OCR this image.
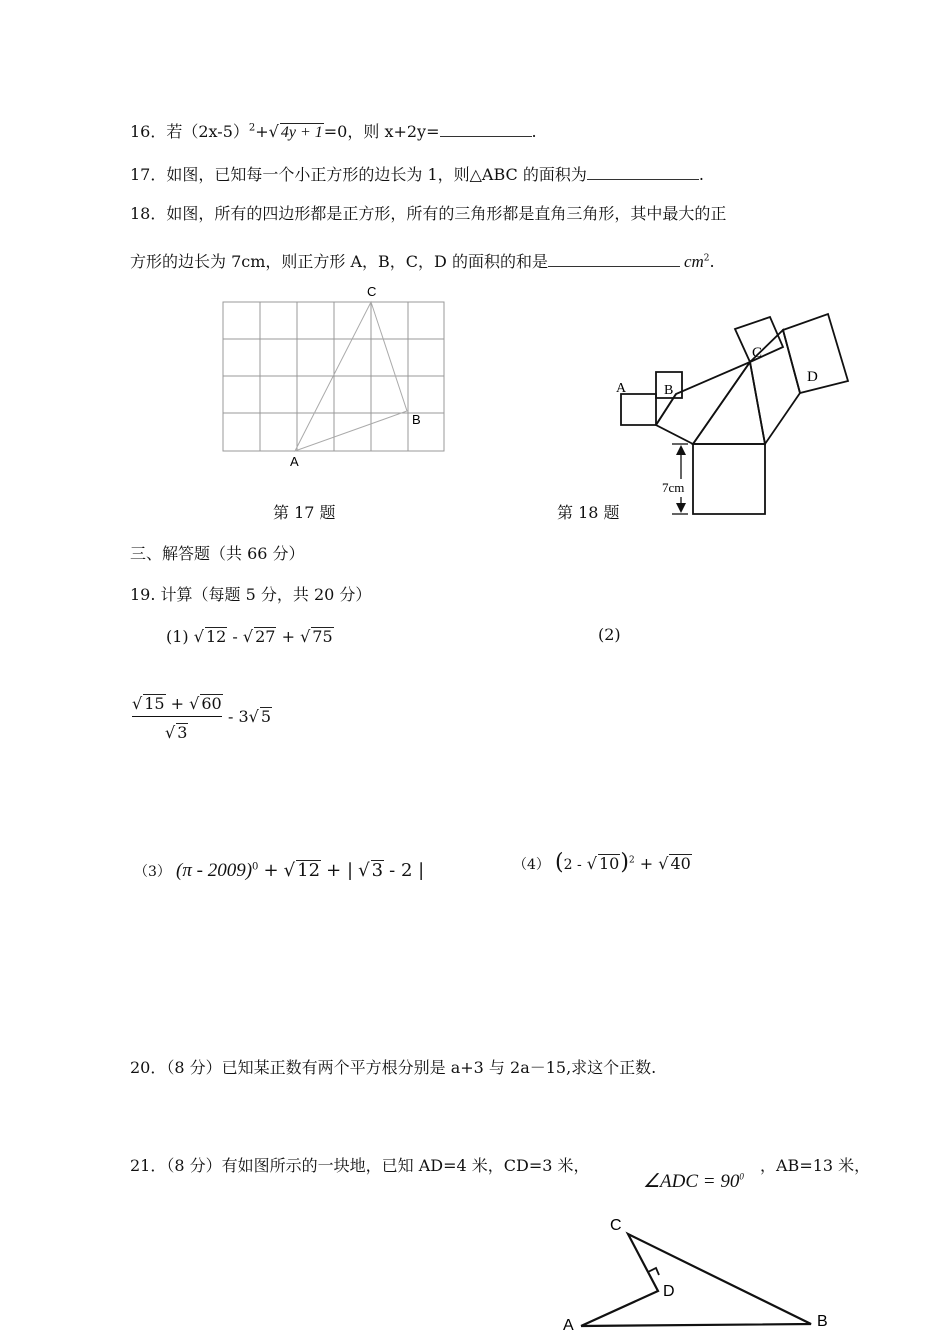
16．若$(2x-5)^2+√$ 4y + 1=0，则 x+2y=	.
17．如图，已知每一个小正方形的边长为 1，则△ABC 的面积为	.
18．如图，所有的四边形都是正方形，所有的三角形都是直角三角形，其中最大的正
方形的边长为 7cm，则正方形 A，B，C，D 的面积的和是	$cm^2$.
C
B
A
7cm
A	B
C
D
第 17 题	第 18 题
三、解答题（共 66 分）
19. 计算（每题 5 分，共 20 分）
(1) √ 12 - √ 27 + √ 75	(2)
√ 15 + √ 60
√ 3
- 3√ 5
（3） (π - 2009)$^0$ + √ 12 + | √ 3 - 2 |	（4） (2 - √ 10)$^2$ + √ 40
20．（8 分）已知某正数有两个平方根分别是 a+3 与 2a－15,求这个正数.
21．（8 分）有如图所示的一块地，已知 AD=4 米，CD=3 米，
∠ADC = $90^0$
，AB=13 米，
C
D
A	B
